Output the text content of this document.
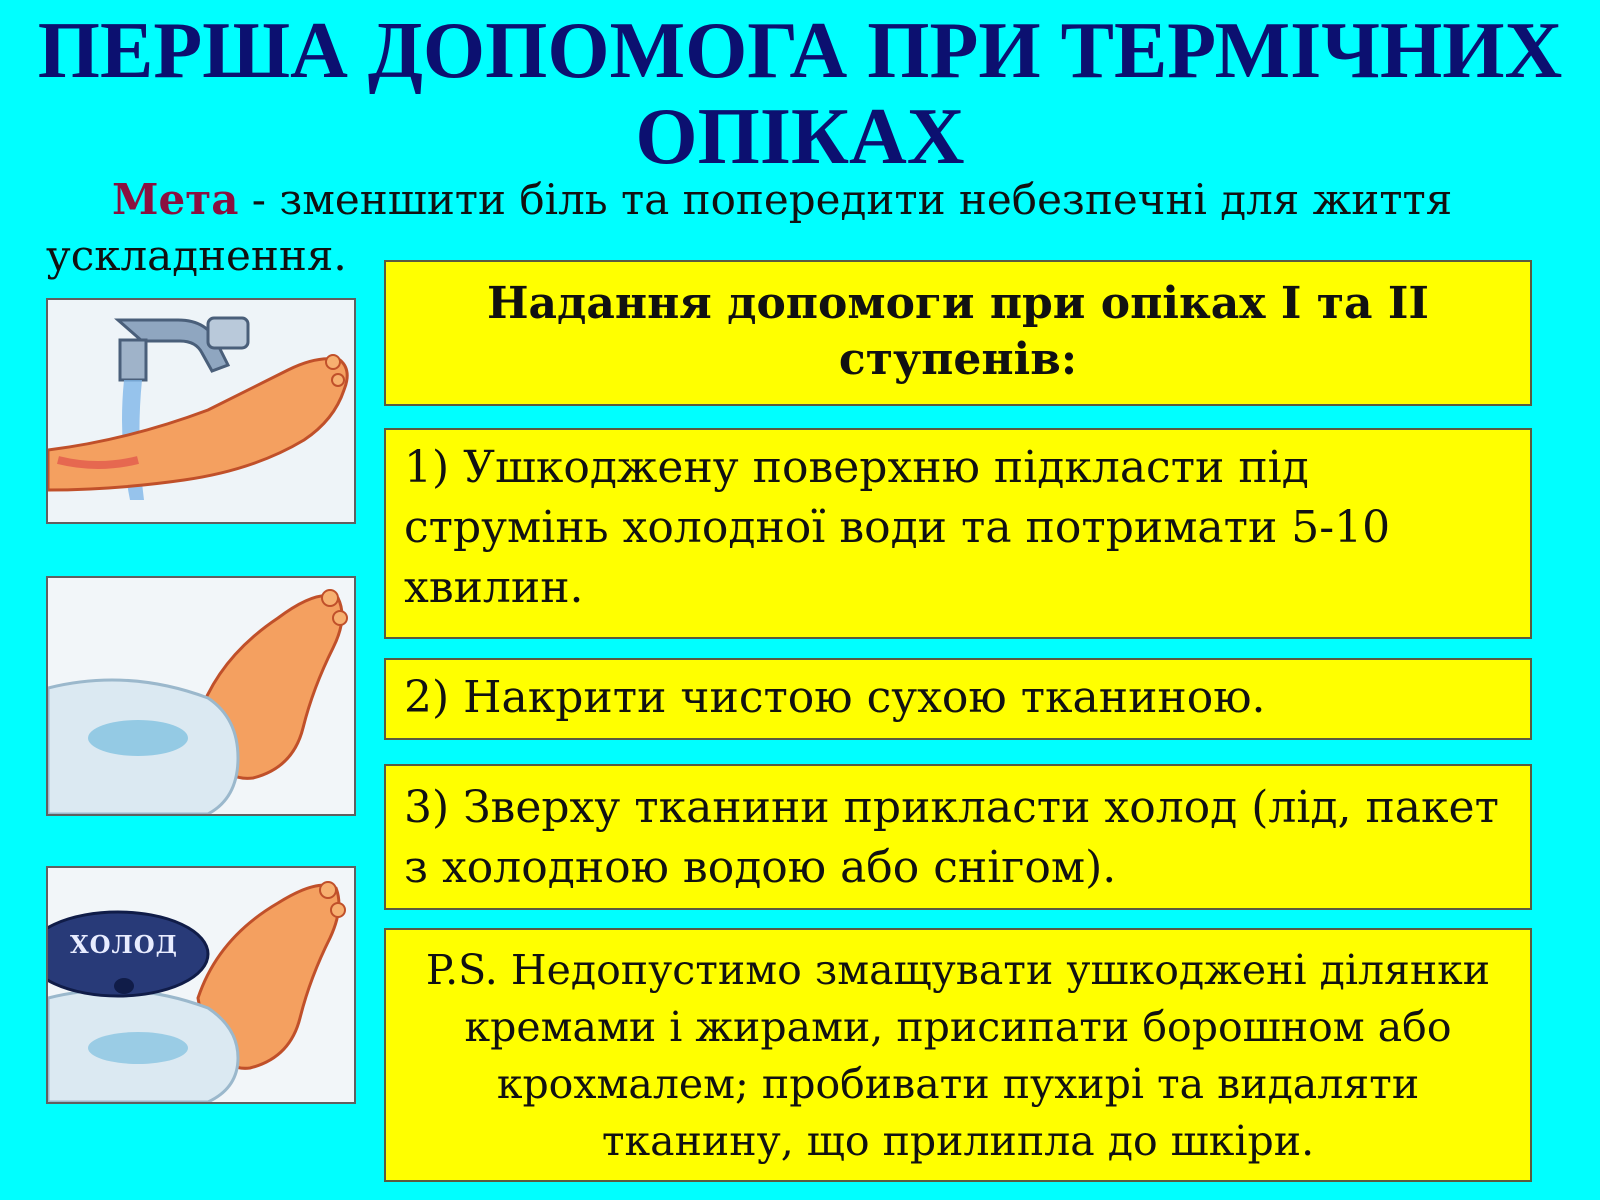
ПЕРША ДОПОМОГА ПРИ ТЕРМІЧНИХ ОПІКАХ

Мета - зменшити біль та попередити небезпечні для життя ускладнення.

ХОЛОД
Надання допомоги при опіках І та ІІ ступенів:
1) Ушкоджену поверхню підкласти під струмінь холодної води та потримати 5-10 хвилин.
2) Накрити чистою сухою тканиною.
3) Зверху тканини прикласти холод (лід, пакет з холодною водою або снігом).
P.S. Недопустимо змащувати ушкоджені ділянки кремами і жирами, присипати борошном або крохмалем; пробивати пухирі та видаляти тканину, що прилипла до шкіри.
